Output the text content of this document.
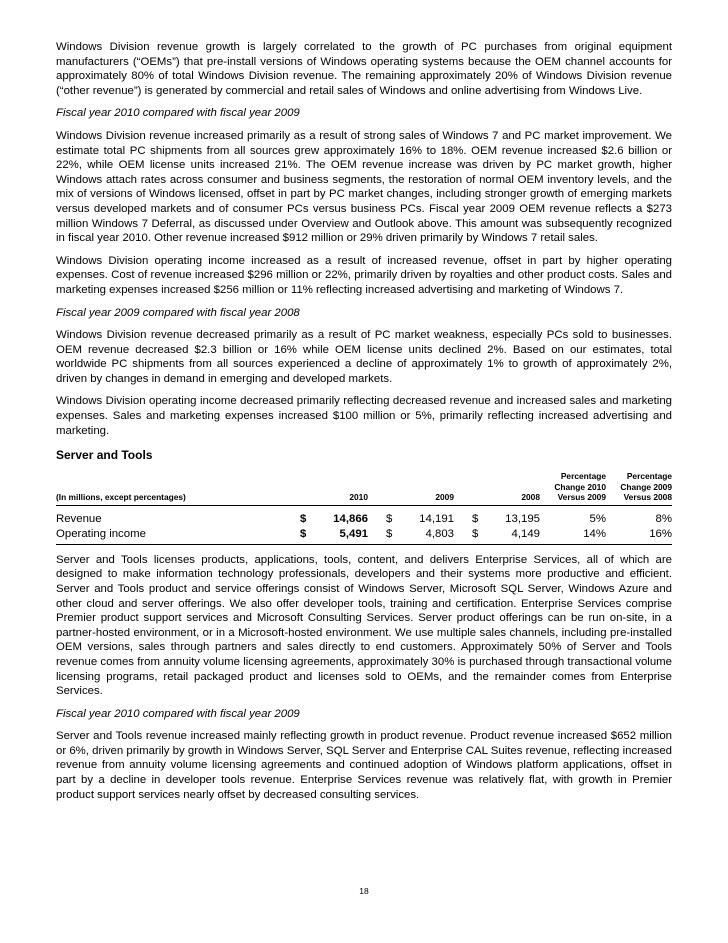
Windows Division revenue growth is largely correlated to the growth of PC purchases from original equipment manufacturers (“OEMs”) that pre-install versions of Windows operating systems because the OEM channel accounts for approximately 80% of total Windows Division revenue. The remaining approximately 20% of Windows Division revenue (“other revenue”) is generated by commercial and retail sales of Windows and online advertising from Windows Live.

Fiscal year 2010 compared with fiscal year 2009

Windows Division revenue increased primarily as a result of strong sales of Windows 7 and PC market improvement. We estimate total PC shipments from all sources grew approximately 16% to 18%. OEM revenue increased $2.6 billion or 22%, while OEM license units increased 21%. The OEM revenue increase was driven by PC market growth, higher Windows attach rates across consumer and business segments, the restoration of normal OEM inventory levels, and the mix of versions of Windows licensed, offset in part by PC market changes, including stronger growth of emerging markets versus developed markets and of consumer PCs versus business PCs. Fiscal year 2009 OEM revenue reflects a $273 million Windows 7 Deferral, as discussed under Overview and Outlook above. This amount was subsequently recognized in fiscal year 2010. Other revenue increased $912 million or 29% driven primarily by Windows 7 retail sales.

Windows Division operating income increased as a result of increased revenue, offset in part by higher operating expenses. Cost of revenue increased $296 million or 22%, primarily driven by royalties and other product costs. Sales and marketing expenses increased $256 million or 11% reflecting increased advertising and marketing of Windows 7.

Fiscal year 2009 compared with fiscal year 2008

Windows Division revenue decreased primarily as a result of PC market weakness, especially PCs sold to businesses. OEM revenue decreased $2.3 billion or 16% while OEM license units declined 2%. Based on our estimates, total worldwide PC shipments from all sources experienced a decline of approximately 1% to growth of approximately 2%, driven by changes in demand in emerging and developed markets.

Windows Division operating income decreased primarily reflecting decreased revenue and increased sales and marketing expenses. Sales and marketing expenses increased $100 million or 5%, primarily reflecting increased advertising and marketing.

Server and Tools
(In millions, except percentages)	2010			2009			2008		Percentage
Change 2010
Versus 2009	Percentage
Change 2009
Versus 2008
Revenue	$	14,866		$	14,191		$	13,195	5%	8%
Operating income	$	5,491		$	4,803		$	4,149	14%	16%

Server and Tools licenses products, applications, tools, content, and delivers Enterprise Services, all of which are designed to make information technology professionals, developers and their systems more productive and efficient. Server and Tools product and service offerings consist of Windows Server, Microsoft SQL Server, Windows Azure and other cloud and server offerings. We also offer developer tools, training and certification. Enterprise Services comprise Premier product support services and Microsoft Consulting Services. Server product offerings can be run on-site, in a partner-hosted environment, or in a Microsoft-hosted environment. We use multiple sales channels, including pre-installed OEM versions, sales through partners and sales directly to end customers. Approximately 50% of Server and Tools revenue comes from annuity volume licensing agreements, approximately 30% is purchased through transactional volume licensing programs, retail packaged product and licenses sold to OEMs, and the remainder comes from Enterprise Services.

Fiscal year 2010 compared with fiscal year 2009

Server and Tools revenue increased mainly reflecting growth in product revenue. Product revenue increased $652 million or 6%, driven primarily by growth in Windows Server, SQL Server and Enterprise CAL Suites revenue, reflecting increased revenue from annuity volume licensing agreements and continued adoption of Windows platform applications, offset in part by a decline in developer tools revenue. Enterprise Services revenue was relatively flat, with growth in Premier product support services nearly offset by decreased consulting services.

18
